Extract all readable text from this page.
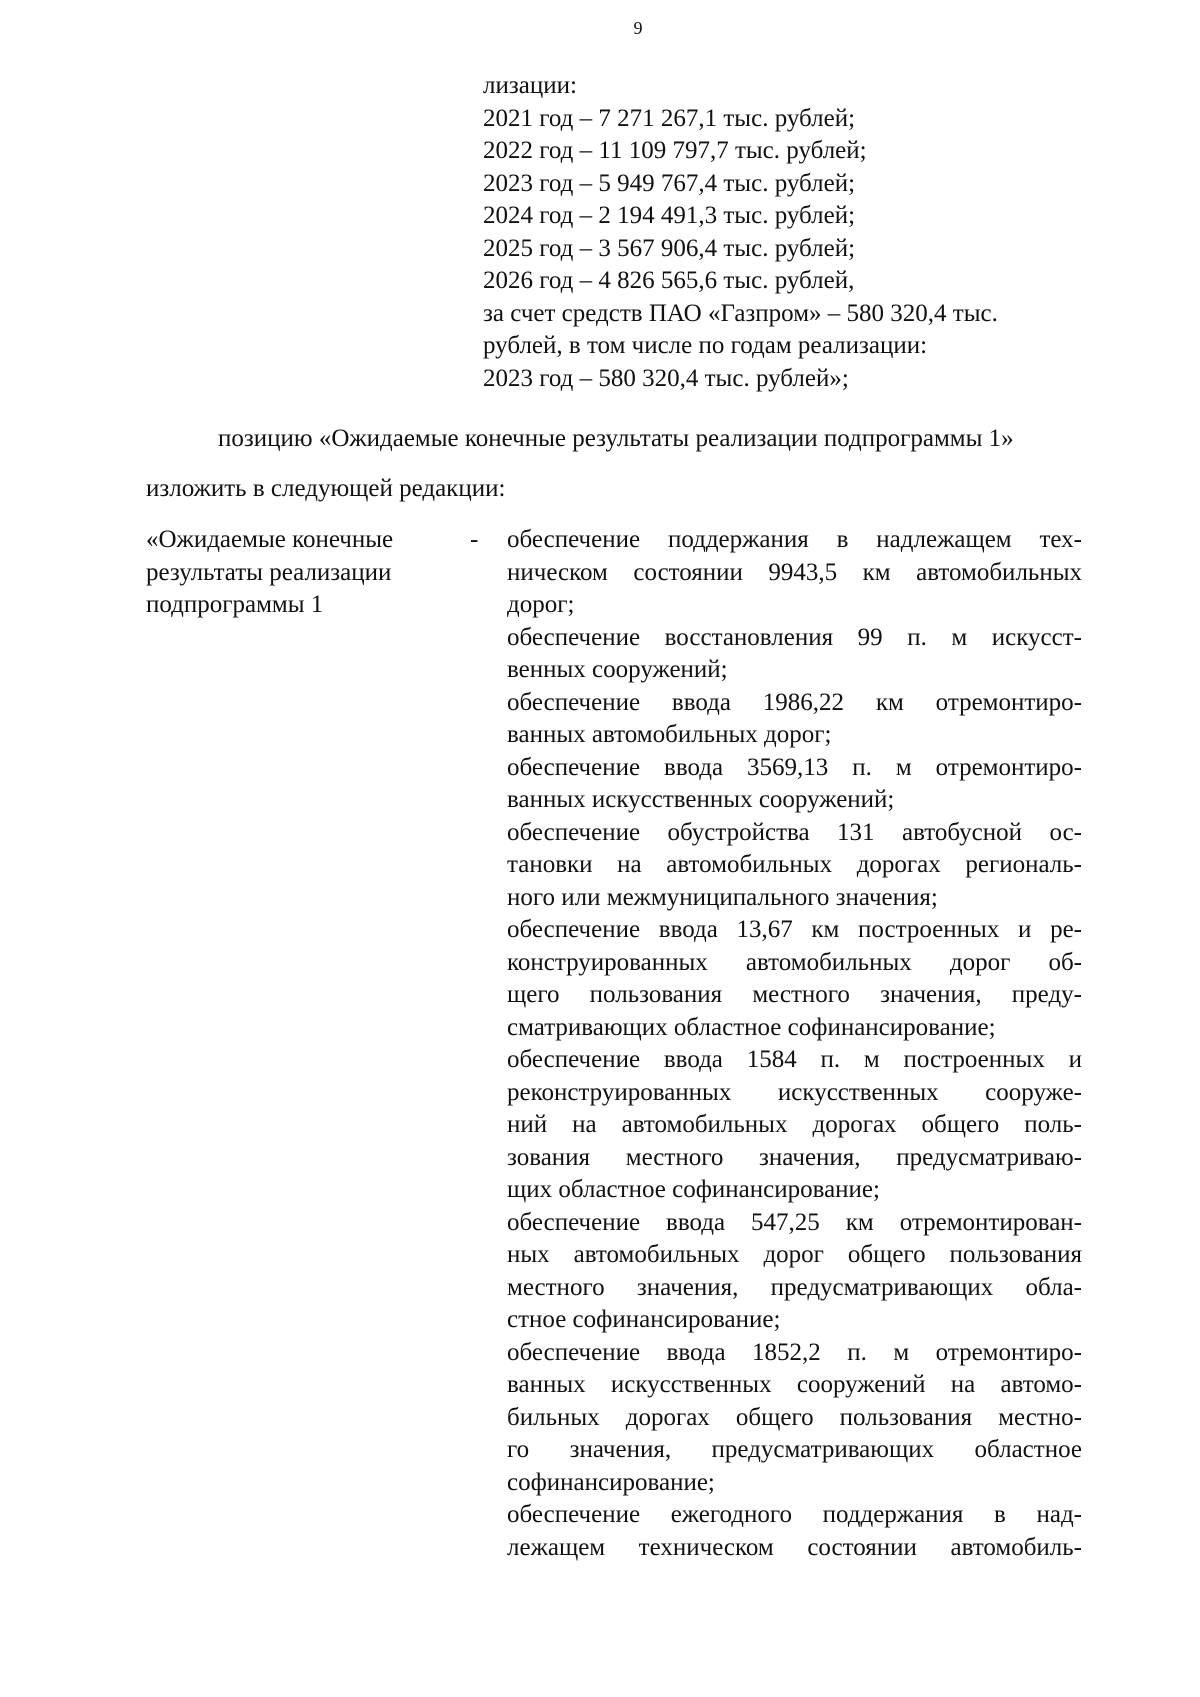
9
лизации:
2021 год – 7 271 267,1 тыс. рублей;
2022 год – 11 109 797,7 тыс. рублей;
2023 год – 5 949 767,4 тыс. рублей;
2024 год – 2 194 491,3 тыс. рублей;
2025 год – 3 567 906,4 тыс. рублей;
2026 год – 4 826 565,6 тыс. рублей,
за счет средств ПАО «Газпром» – 580 320,4 тыс.
рублей, в том числе по годам реализации:
2023 год – 580 320,4 тыс. рублей»;
позицию «Ожидаемые конечные результаты реализации подпрограммы 1»
изложить в следующей редакции:
«Ожидаемые конечные
результаты реализации
подпрограммы 1
- обеспечение поддержания в надлежащем тех-
ническом состоянии 9943,5 км автомобильных
дорог;
обеспечение восстановления 99 п. м искусст-
венных сооружений;
обеспечение ввода 1986,22 км отремонтиро-
ванных автомобильных дорог;
обеспечение ввода 3569,13 п. м отремонтиро-
ванных искусственных сооружений;
обеспечение обустройства 131 автобусной ос-
тановки на автомобильных дорогах региональ-
ного или межмуниципального значения;
обеспечение ввода 13,67 км построенных и ре-
конструированных автомобильных дорог об-
щего пользования местного значения, преду-
сматривающих областное софинансирование;
обеспечение ввода 1584 п. м построенных и
реконструированных искусственных сооруже-
ний на автомобильных дорогах общего поль-
зования местного значения, предусматриваю-
щих областное софинансирование;
обеспечение ввода 547,25 км отремонтирован-
ных автомобильных дорог общего пользования
местного значения, предусматривающих обла-
стное софинансирование;
обеспечение ввода 1852,2 п. м отремонтиро-
ванных искусственных сооружений на автомо-
бильных дорогах общего пользования местно-
го значения, предусматривающих областное
софинансирование;
обеспечение ежегодного поддержания в над-
лежащем техническом состоянии автомобиль-
